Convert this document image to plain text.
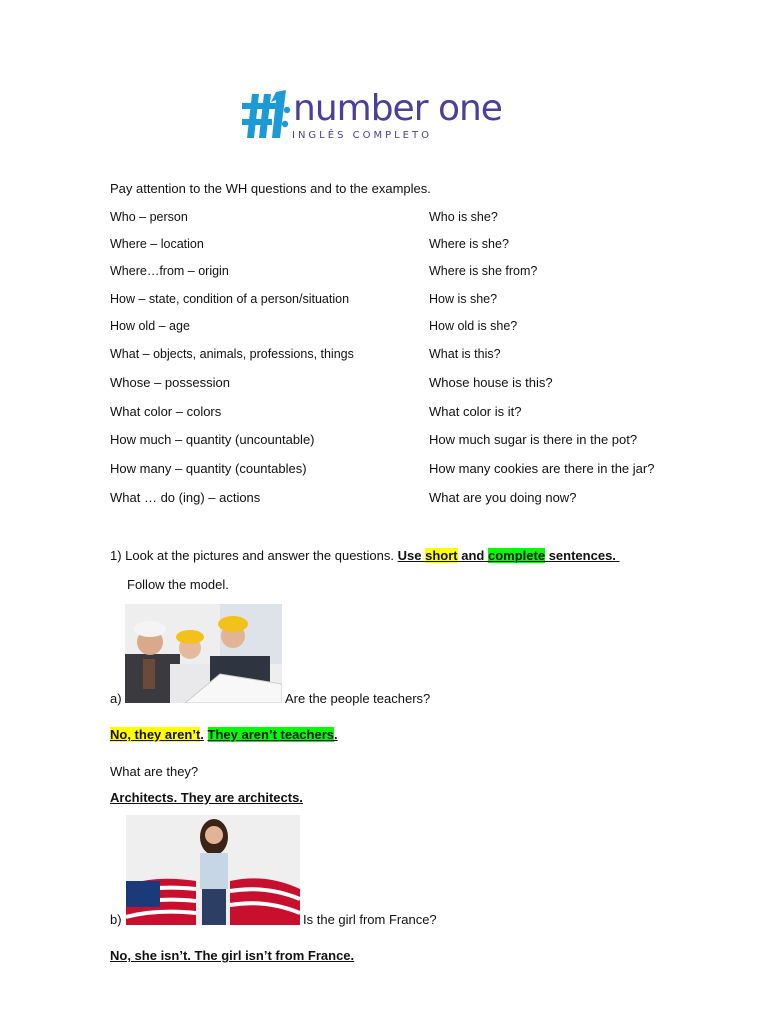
number one
INGLÊS COMPLETO
Pay attention to the WH questions and to the examples.
Who – person	Who is she?
Where – location	Where is she?
Where…from – origin	Where is she from?
How – state, condition of a person/situation	How is she?
How old – age	How old is she?
What – objects, animals, professions, things	What is this?
Whose – possession	Whose house is this?
What color – colors	What color is it?
How much – quantity (uncountable)	How much sugar is there in the pot?
How many – quantity (countables)	How many cookies are there in the jar?
What … do (ing) – actions	What are you doing now?
1) Look at the pictures and answer the questions. Use short and complete sentences.
Follow the model.
a)	Are the people teachers?
No, they aren’t. They aren’t teachers.
What are they?
Architects. They are architects.
b)	Is the girl from France?
No, she isn’t. The girl isn’t from France.
